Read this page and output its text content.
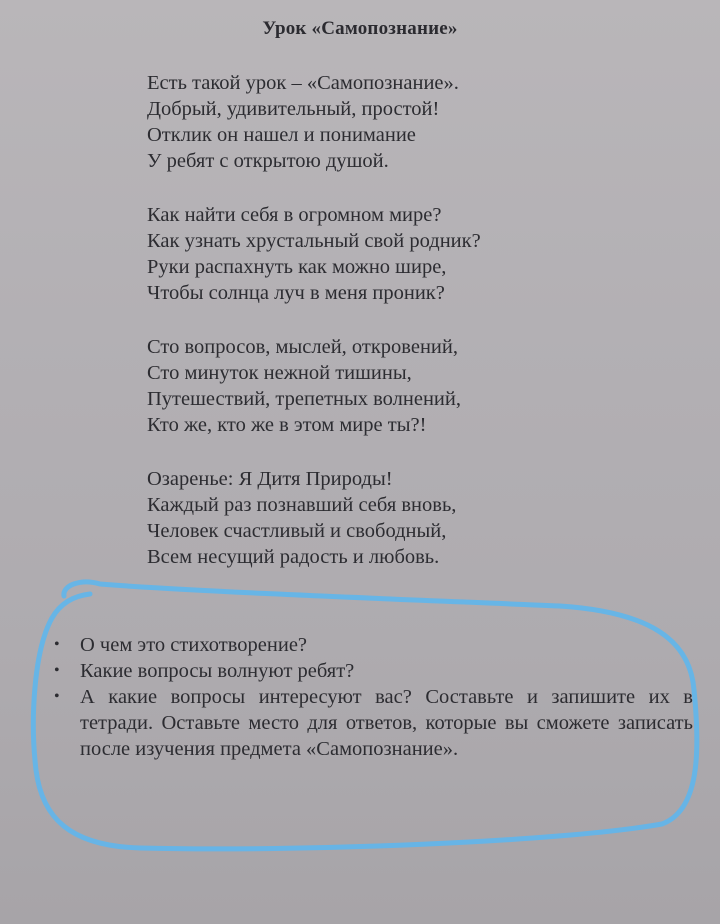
Урок «Самопознание»
Есть такой урок – «Самопознание».
Добрый, удивительный, простой!
Отклик он нашел и понимание
У ребят с открытою душой.
Как найти себя в огромном мире?
Как узнать хрустальный свой родник?
Руки распахнуть как можно шире,
Чтобы солнца луч в меня проник?
Сто вопросов, мыслей, откровений,
Сто минуток нежной тишины,
Путешествий, трепетных волнений,
Кто же, кто же в этом мире ты?!
Озаренье: Я Дитя Природы!
Каждый раз познавший себя вновь,
Человек счастливый и свободный,
Всем несущий радость и любовь.
• О чем это стихотворение?
• Какие вопросы волнуют ребят?
• А какие вопросы интересуют вас? Составьте и запишите их в тетради. Оставьте место для ответов, которые вы сможете записать после изучения предмета «Самопознание».
